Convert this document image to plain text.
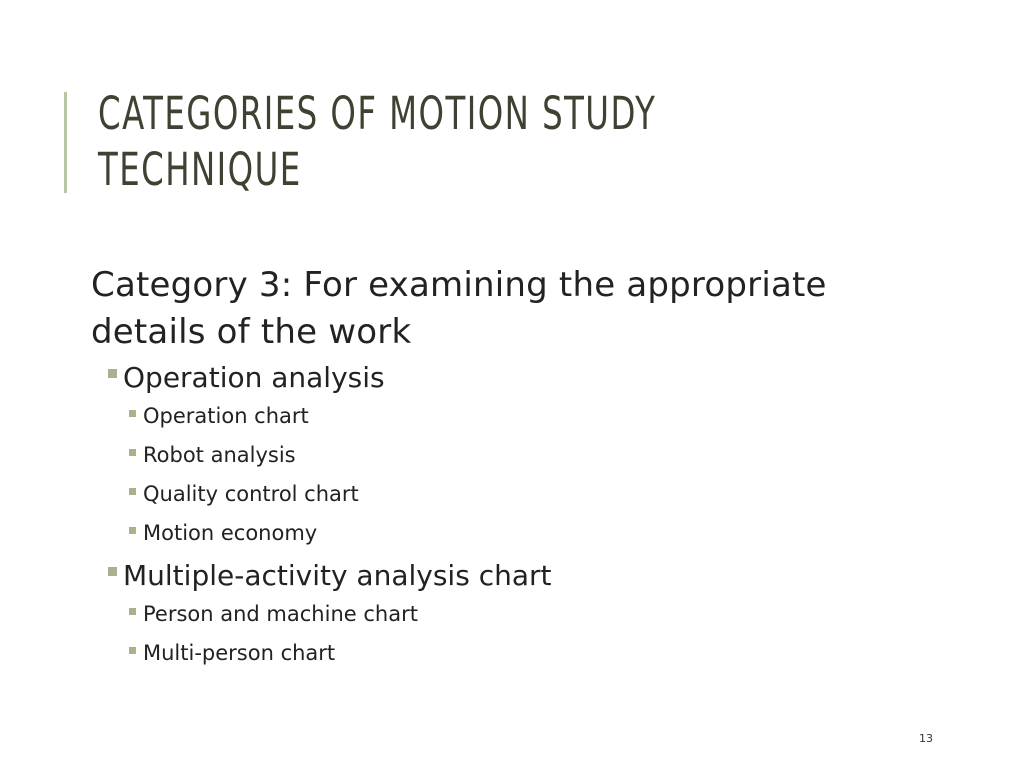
CATEGORIES OF MOTION STUDY
TECHNIQUE
Category 3: For examining the appropriate
details of the work
Operation analysis
Operation chart
Robot analysis
Quality control chart
Motion economy
Multiple-activity analysis chart
Person and machine chart
Multi-person chart
13
